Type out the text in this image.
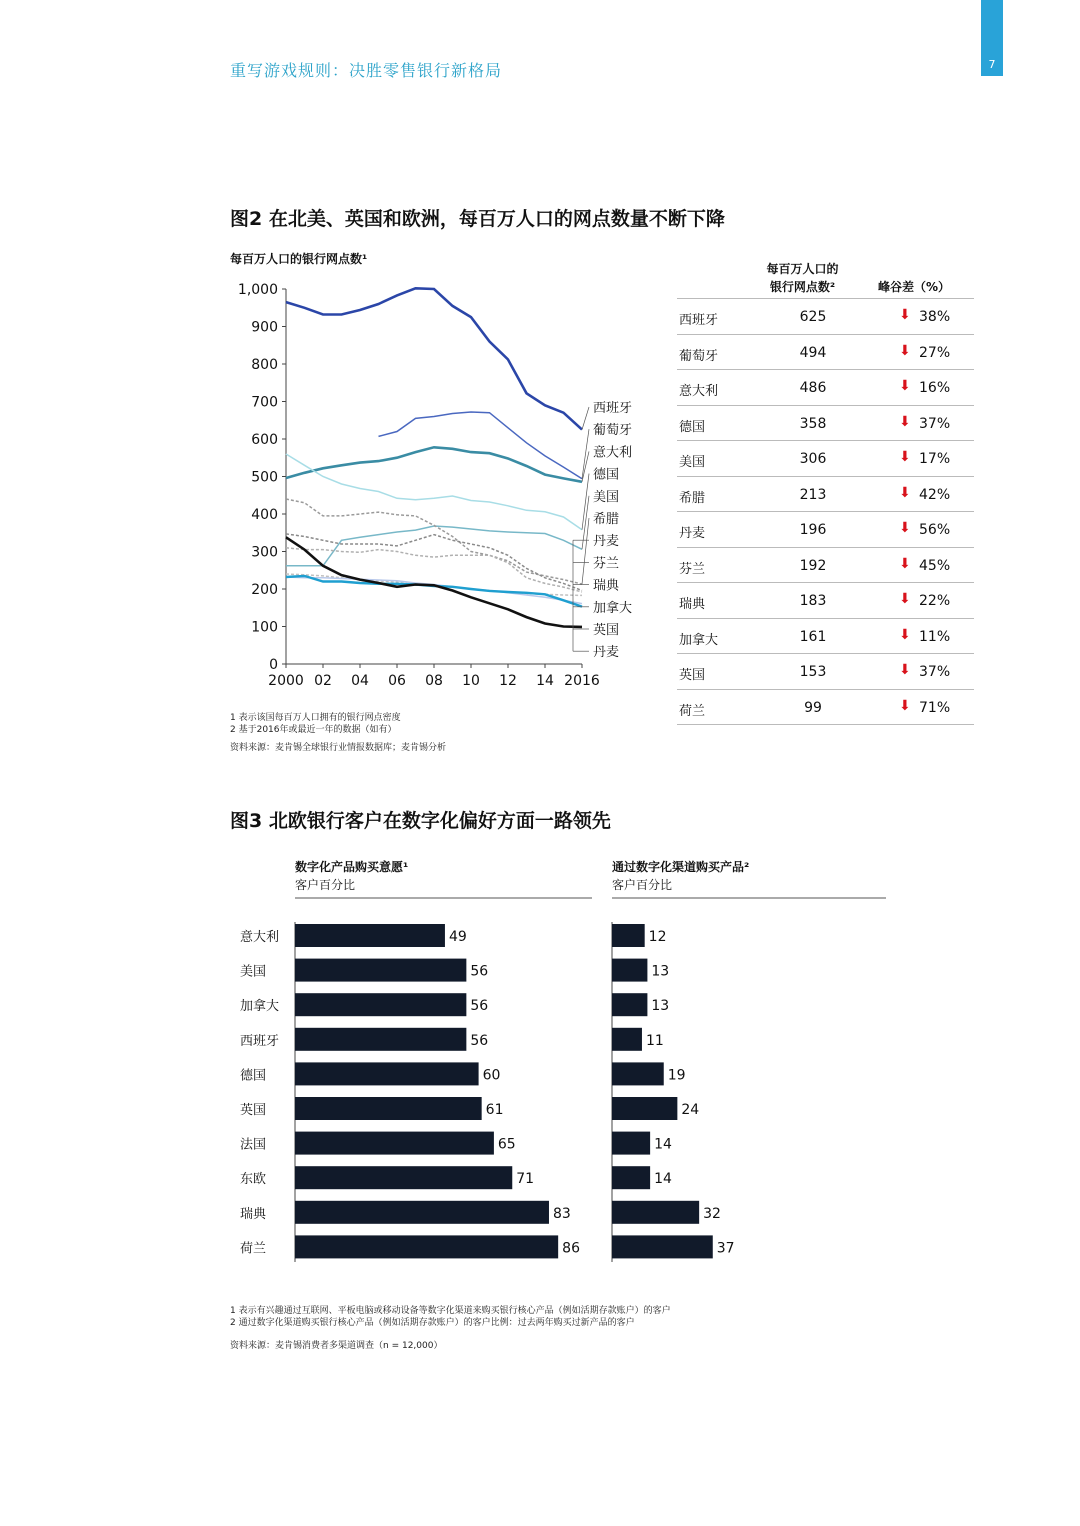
7
重写游戏规则：决胜零售银行新格局
图2 在北美、英国和欧洲，每百万人口的网点数量不断下降
每百万人口的银行网点数¹
0
100
200
300
400
500
600
700
800
900
1,000
2000 02 04 06 08 10 12 14 2016
西班牙
葡萄牙
意大利
德国
美国
希腊
丹麦
芬兰
瑞典
加拿大
英国
丹麦
每百万人口的
银行网点数²	峰谷差（%）
西班牙	625	⬇ 38%
葡萄牙	494	⬇ 27%
意大利	486	⬇ 16%
德国	358	⬇ 37%
美国	306	⬇ 17%
希腊	213	⬇ 42%
丹麦	196	⬇ 56%
芬兰	192	⬇ 45%
瑞典	183	⬇ 22%
加拿大	161	⬇ 11%
英国	153	⬇ 37%
荷兰	99	⬇ 71%
1 表示该国每百万人口拥有的银行网点密度
2 基于2016年或最近一年的数据（如有）
资料来源：麦肯锡全球银行业情报数据库；麦肯锡分析
图3 北欧银行客户在数字化偏好方面一路领先
数字化产品购买意愿¹
客户百分比
通过数字化渠道购买产品²
客户百分比
意大利	49	12
美国	56	13
加拿大	56	13
西班牙	56	11
德国	60	19
英国	61	24
法国	65	14
东欧	71	14
瑞典	83	32
荷兰	86	37
1 表示有兴趣通过互联网、平板电脑或移动设备等数字化渠道来购买银行核心产品（例如活期存款账户）的客户
2 通过数字化渠道购买银行核心产品（例如活期存款账户）的客户比例：过去两年购买过新产品的客户
资料来源：麦肯锡消费者多渠道调查（n = 12,000）
